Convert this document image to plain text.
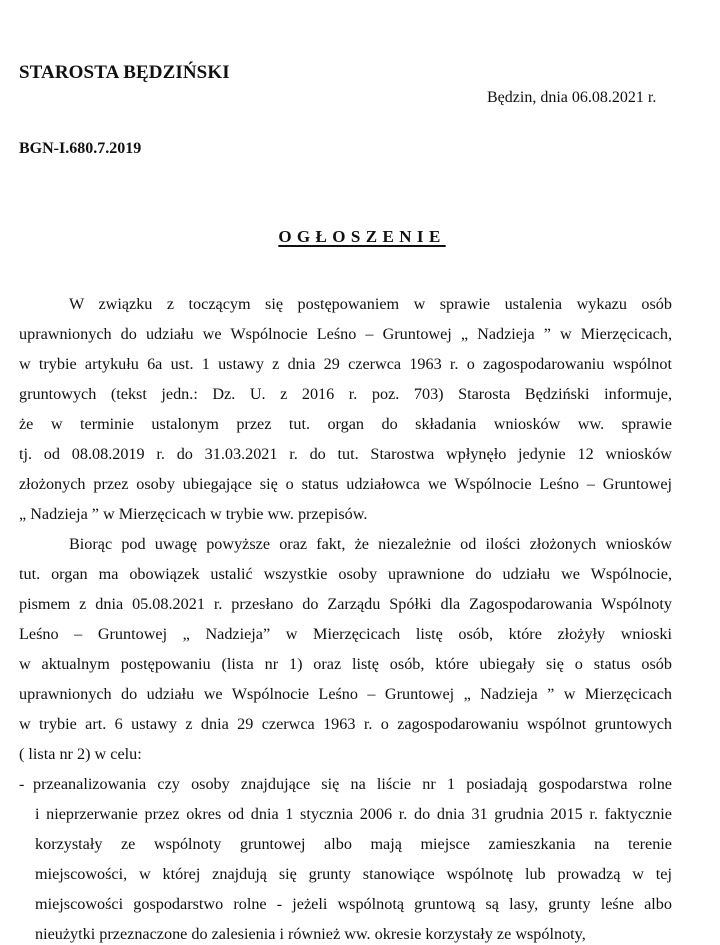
STAROSTA BĘDZIŃSKI
Będzin, dnia 06.08.2021 r.
BGN-I.680.7.2019
OGŁOSZENIE
W związku z toczącym się postępowaniem w sprawie ustalenia wykazu osób
uprawnionych do udziału we Wspólnocie Leśno – Gruntowej „ Nadzieja ” w Mierzęcicach,
w trybie artykułu 6a ust. 1 ustawy z dnia 29 czerwca 1963 r. o zagospodarowaniu wspólnot
gruntowych (tekst jedn.: Dz. U. z 2016 r. poz. 703) Starosta Będziński informuje,
że w terminie ustalonym przez tut. organ do składania wniosków ww. sprawie
tj. od 08.08.2019 r. do 31.03.2021 r. do tut. Starostwa wpłynęło jedynie 12 wniosków
złożonych przez osoby ubiegające się o status udziałowca we Wspólnocie Leśno – Gruntowej
„ Nadzieja ” w Mierzęcicach w trybie ww. przepisów.
Biorąc pod uwagę powyższe oraz fakt, że niezależnie od ilości złożonych wniosków
tut. organ ma obowiązek ustalić wszystkie osoby uprawnione do udziału we Wspólnocie,
pismem z dnia 05.08.2021 r. przesłano do Zarządu Spółki dla Zagospodarowania Wspólnoty
Leśno – Gruntowej „ Nadzieja” w Mierzęcicach listę osób, które złożyły wnioski
w aktualnym postępowaniu (lista nr 1) oraz listę osób, które ubiegały się o status osób
uprawnionych do udziału we Wspólnocie Leśno – Gruntowej „ Nadzieja ” w Mierzęcicach
w trybie art. 6 ustawy z dnia 29 czerwca 1963 r. o zagospodarowaniu wspólnot gruntowych
( lista nr 2) w celu:
- przeanalizowania czy osoby znajdujące się na liście nr 1 posiadają gospodarstwa rolne
i nieprzerwanie przez okres od dnia 1 stycznia 2006 r. do dnia 31 grudnia 2015 r. faktycznie
korzystały ze wspólnoty gruntowej albo mają miejsce zamieszkania na terenie
miejscowości, w której znajdują się grunty stanowiące wspólnotę lub prowadzą w tej
miejscowości gospodarstwo rolne - jeżeli wspólnotą gruntową są lasy, grunty leśne albo
nieużytki przeznaczone do zalesienia i również ww. okresie korzystały ze wspólnoty,
